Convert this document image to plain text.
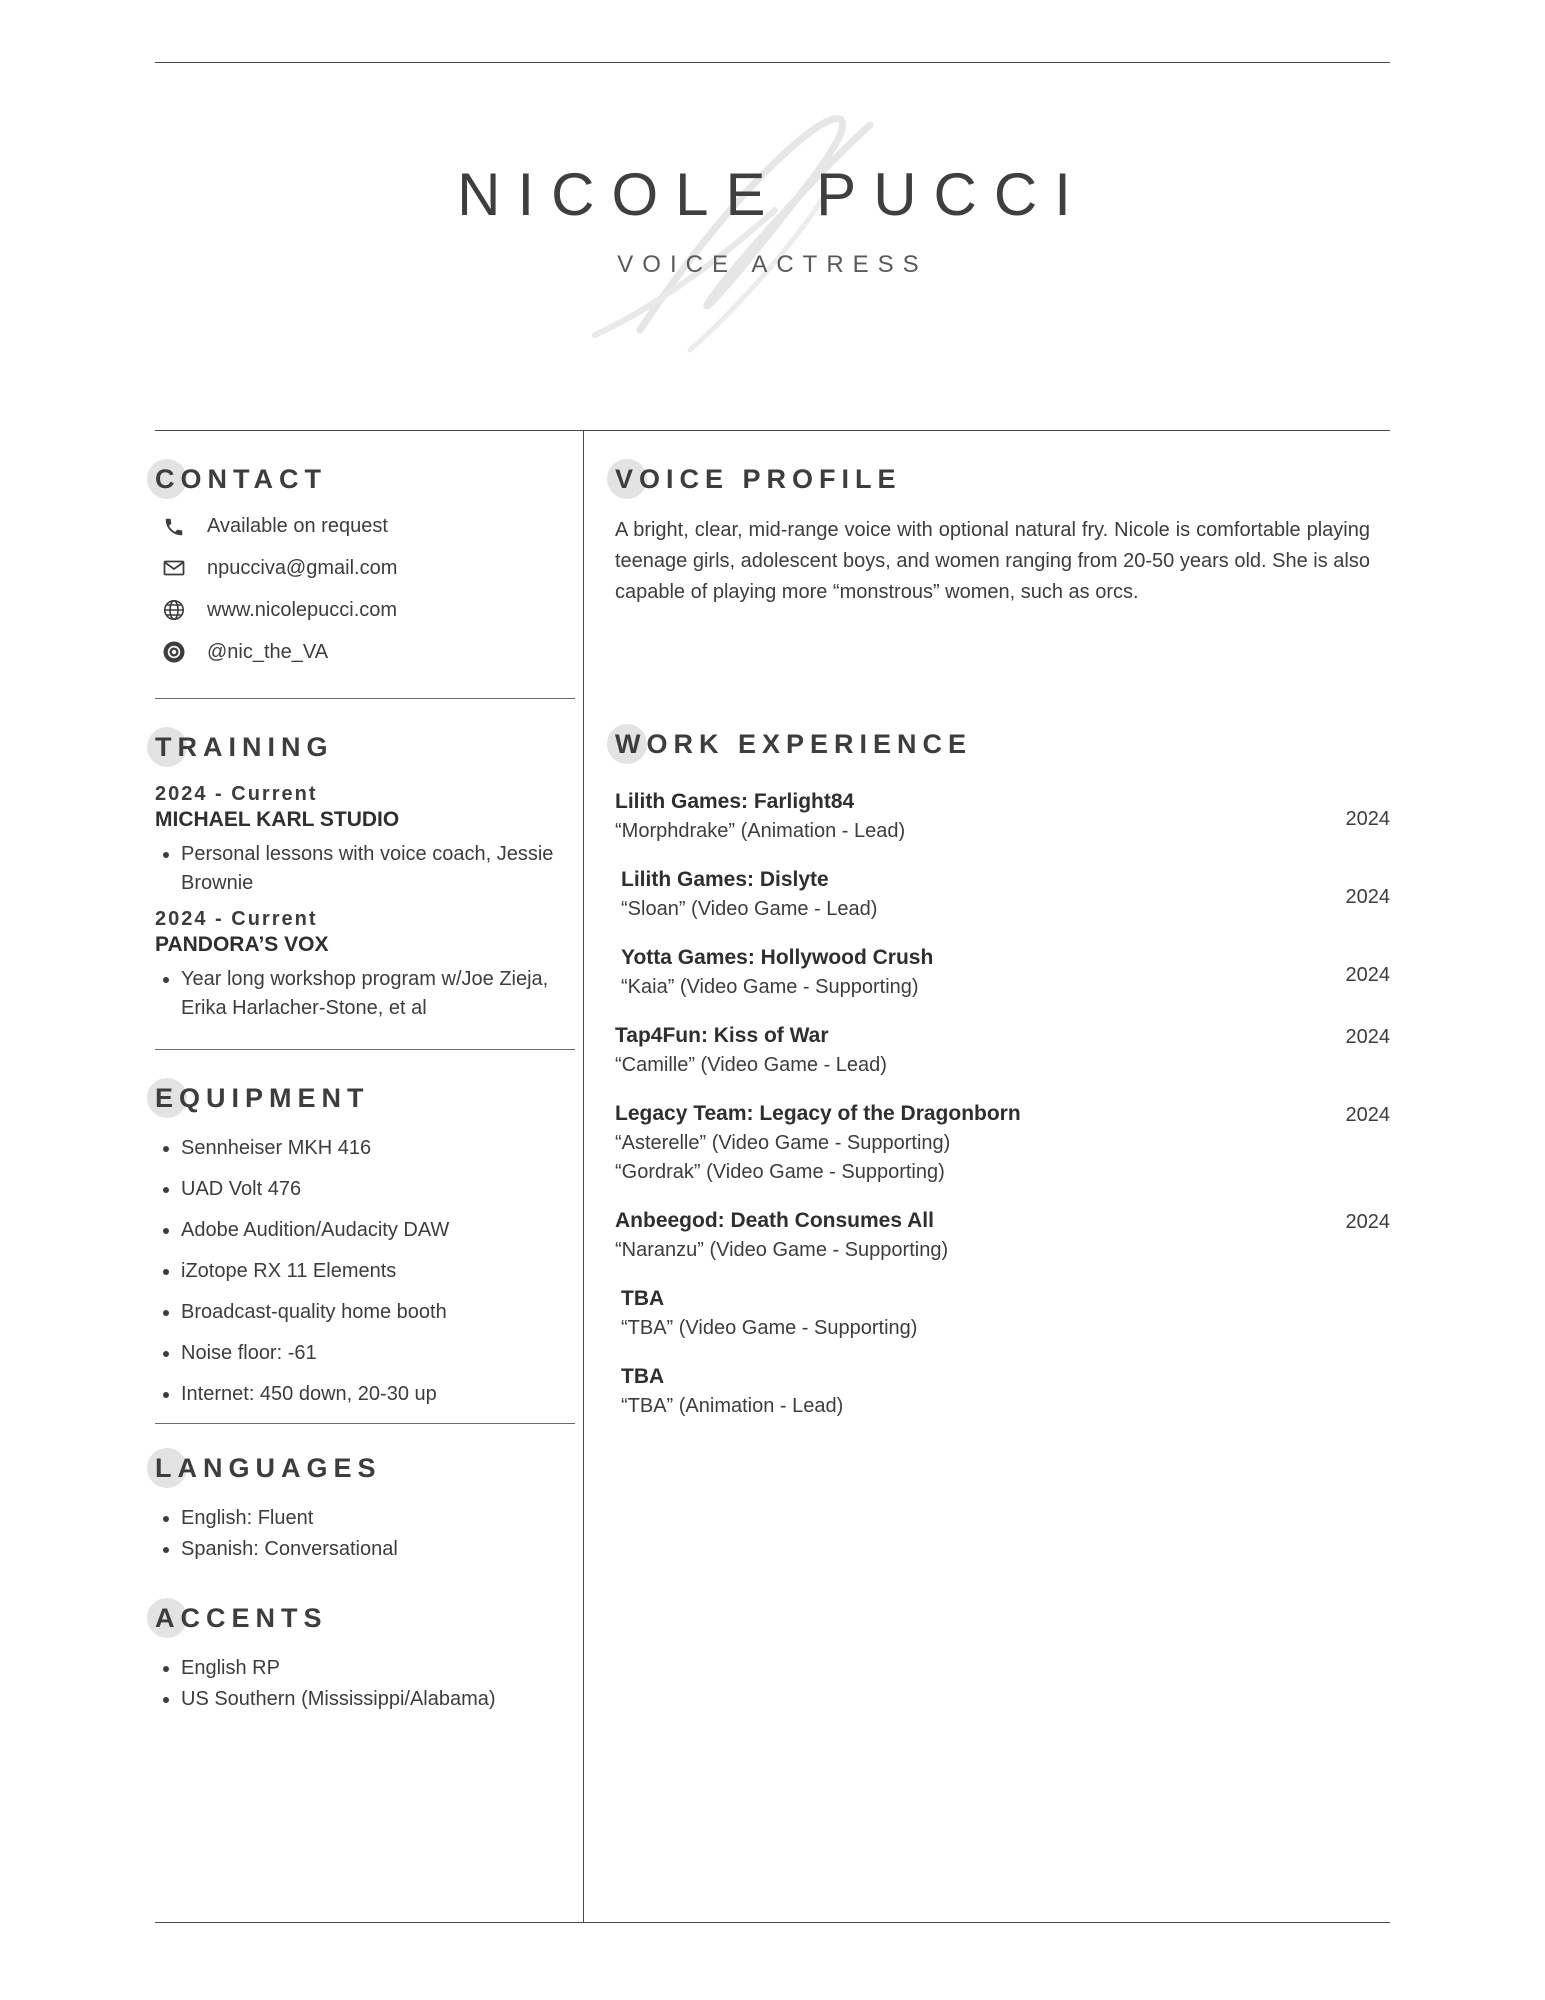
NICOLE PUCCI
VOICE ACTRESS
CONTACT
Available on request
npucciva@gmail.com
www.nicolepucci.com
@nic_the_VA
TRAINING
2024 - Current
MICHAEL KARL STUDIO
• Personal lessons with voice coach, Jessie Brownie
2024 - Current
PANDORA’S VOX
• Year long workshop program w/Joe Zieja, Erika Harlacher-Stone, et al
EQUIPMENT
• Sennheiser MKH 416
• UAD Volt 476
• Adobe Audition/Audacity DAW
• iZotope RX 11 Elements
• Broadcast-quality home booth
• Noise floor: -61
• Internet: 450 down, 20-30 up
LANGUAGES
• English: Fluent
• Spanish: Conversational
ACCENTS
• English RP
• US Southern (Mississippi/Alabama)
VOICE PROFILE
A bright, clear, mid-range voice with optional natural fry. Nicole is comfortable playing teenage girls, adolescent boys, and women ranging from 20-50 years old. She is also capable of playing more “monstrous” women, such as orcs.
WORK EXPERIENCE
Lilith Games: Farlight84
“Morphdrake” (Animation - Lead)
2024
Lilith Games: Dislyte
“Sloan” (Video Game - Lead)
2024
Yotta Games: Hollywood Crush
“Kaia” (Video Game - Supporting)
2024
Tap4Fun: Kiss of War
“Camille” (Video Game - Lead)
2024
Legacy Team: Legacy of the Dragonborn
“Asterelle” (Video Game - Supporting)
“Gordrak” (Video Game - Supporting)
2024
Anbeegod: Death Consumes All
“Naranzu” (Video Game - Supporting)
2024
TBA
“TBA” (Video Game - Supporting)
TBA
“TBA” (Animation - Lead)
